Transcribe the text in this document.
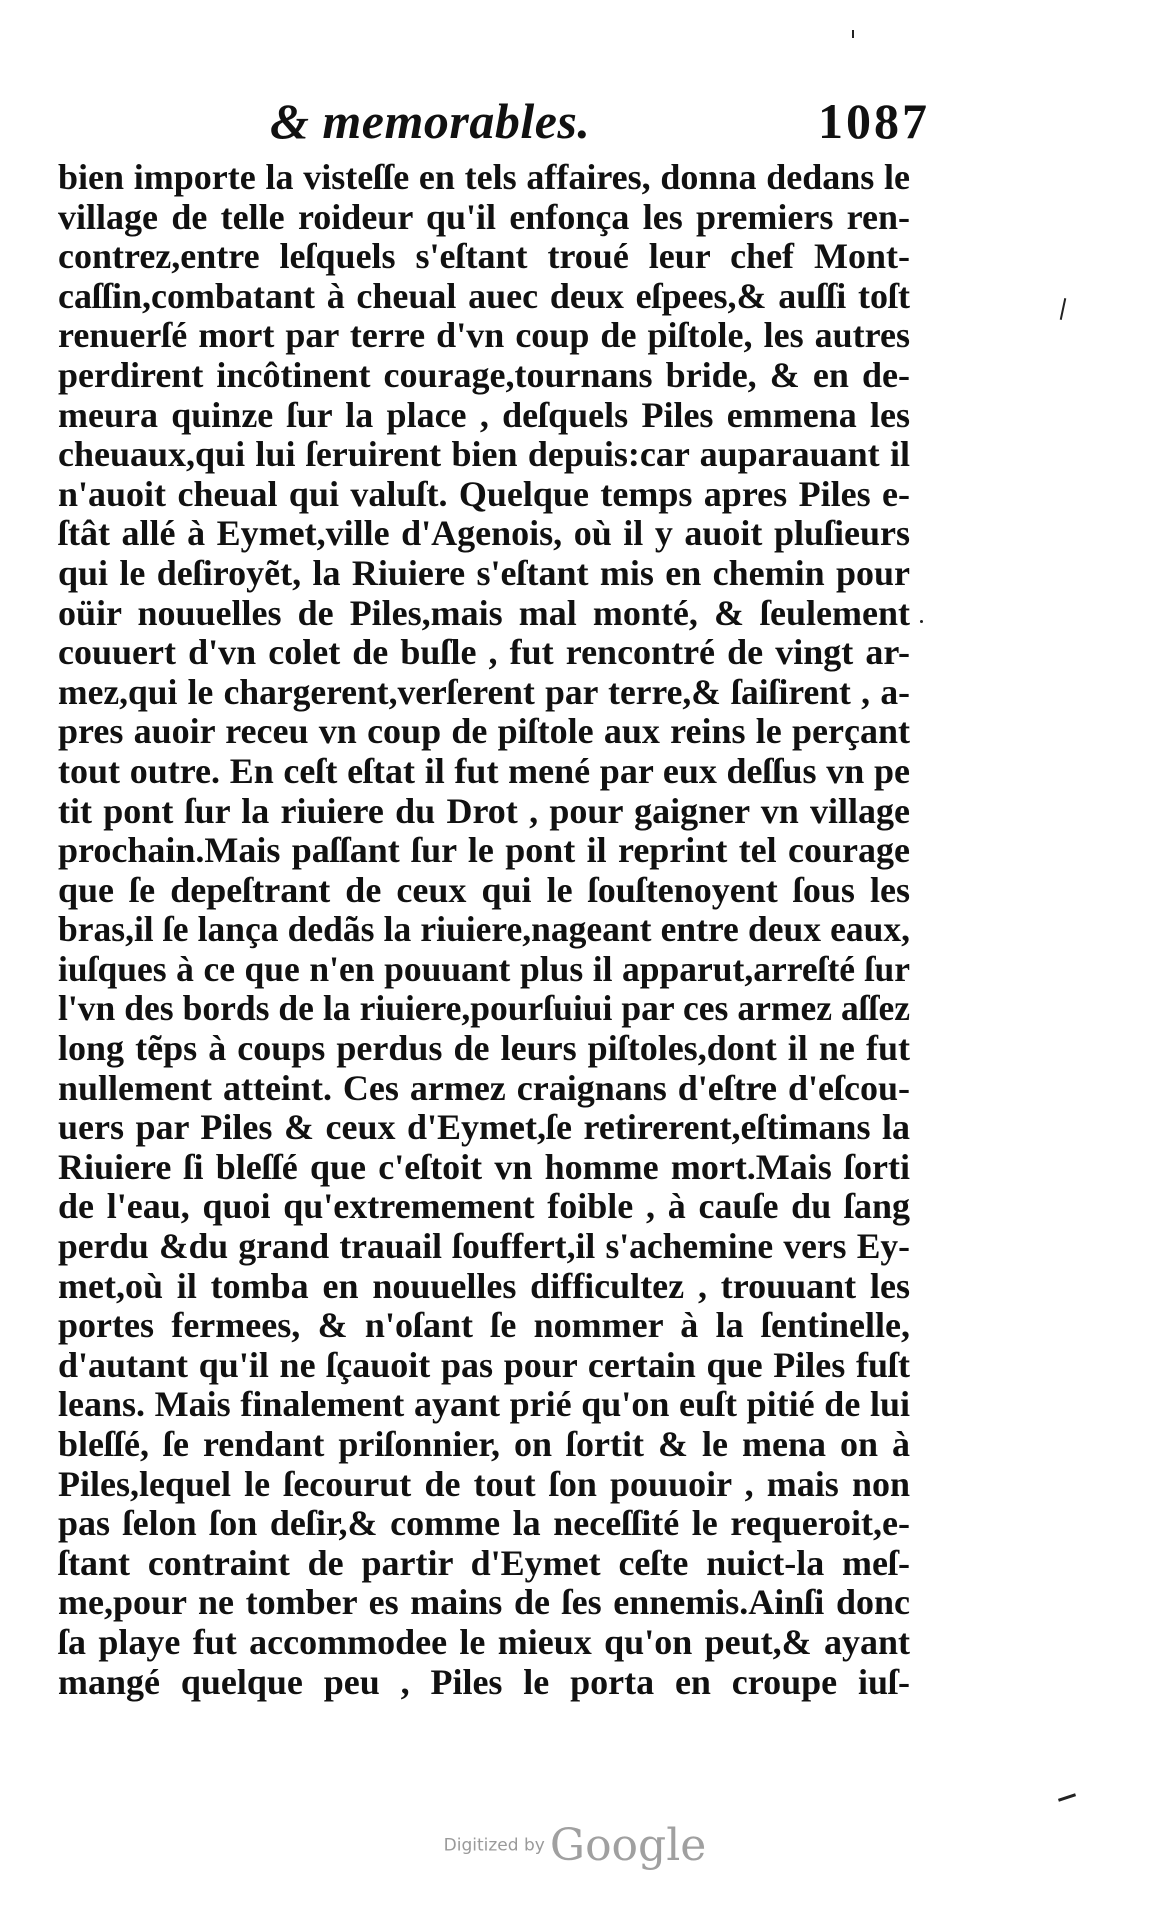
& memorables.	1087
bien importe la visteſſe en tels affaires, donna dedans le
village de telle roideur qu'il enfonça les premiers ren-
contrez,entre leſquels s'eſtant troué leur chef Mont-
caſſin,combatant à cheual auec deux eſpees,& auſſi toſt
renuerſé mort par terre d'vn coup de piſtole, les autres
perdirent incôtinent courage,tournans bride, & en de-
meura quinze ſur la place , deſquels Piles emmena les
cheuaux,qui lui ſeruirent bien depuis:car auparauant il
n'auoit cheual qui valuſt. Quelque temps apres Piles e-
ſtât allé à Eymet,ville d'Agenois, où il y auoit pluſieurs
qui le deſiroyẽt, la Riuiere s'eſtant mis en chemin pour
oüir nouuelles de Piles,mais mal monté, & ſeulement
couuert d'vn colet de buſle , fut rencontré de vingt ar-
mez,qui le chargerent,verſerent par terre,& ſaiſirent , a-
pres auoir receu vn coup de piſtole aux reins le perçant
tout outre. En ceſt eſtat il fut mené par eux deſſus vn pe
tit pont ſur la riuiere du Drot , pour gaigner vn village
prochain.Mais paſſant ſur le pont il reprint tel courage
que ſe depeſtrant de ceux qui le ſouſtenoyent ſous les
bras,il ſe lança dedãs la riuiere,nageant entre deux eaux,
iuſques à ce que n'en pouuant plus il apparut,arreſté ſur
l'vn des bords de la riuiere,pourſuiui par ces armez aſſez
long tẽps à coups perdus de leurs piſtoles,dont il ne fut
nullement atteint. Ces armez craignans d'eſtre d'eſcou-
uers par Piles & ceux d'Eymet,ſe retirerent,eſtimans la
Riuiere ſi bleſſé que c'eſtoit vn homme mort.Mais ſorti
de l'eau, quoi qu'extremement foible , à cauſe du ſang
perdu &du grand trauail ſouffert,il s'achemine vers Ey-
met,où il tomba en nouuelles difficultez , trouuant les
portes fermees, & n'oſant ſe nommer à la ſentinelle,
d'autant qu'il ne ſçauoit pas pour certain que Piles fuſt
leans. Mais finalement ayant prié qu'on euſt pitié de lui
bleſſé, ſe rendant priſonnier, on ſortit & le mena on à
Piles,lequel le ſecourut de tout ſon pouuoir , mais non
pas ſelon ſon deſir,& comme la neceſſité le requeroit,e-
ſtant contraint de partir d'Eymet ceſte nuict-la meſ-
me,pour ne tomber es mains de ſes ennemis.Ainſi donc
ſa playe fut accommodee le mieux qu'on peut,& ayant
mangé quelque peu , Piles le porta en croupe iuſ-
Digitized by Google
